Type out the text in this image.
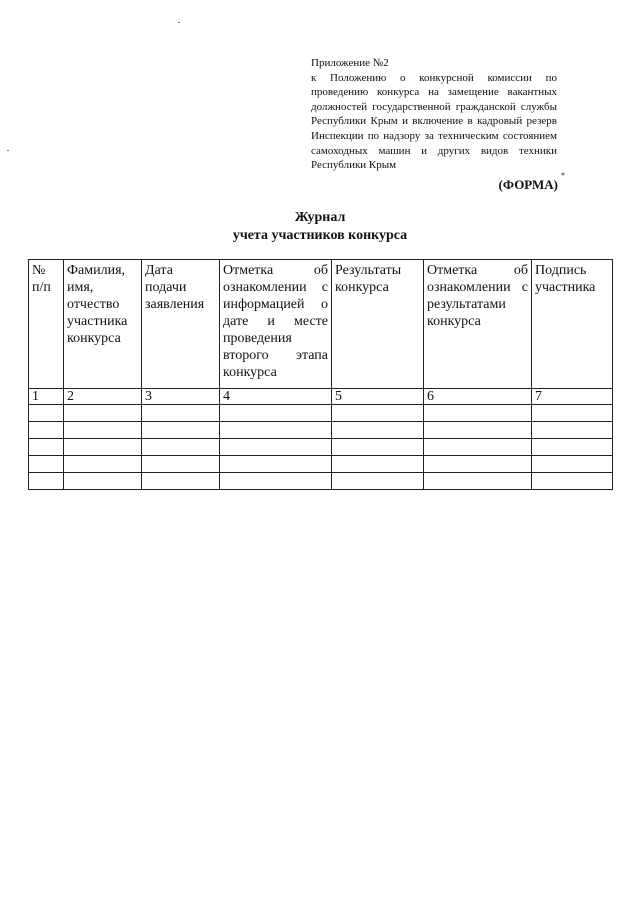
Приложение №2
к Положению о конкурсной комиссии по проведению конкурса на замещение вакантных должностей государственной гражданской службы Республики Крым и включение в кадровый резерв Инспекции по надзору за техническим состоянием самоходных машин и других видов техники Республики Крым
(ФОРМА)
*
Журнал
учета участников конкурса
№ п/п	Фамилия, имя, отчество участника конкурса	Дата подачи заявления	Отметка об ознакомлении с информацией о дате и месте проведения второго этапа конкурса	Результаты конкурса	Отметка об ознакомлении с результатами конкурса	Подпись участника
1	2	3	4	5	6	7
